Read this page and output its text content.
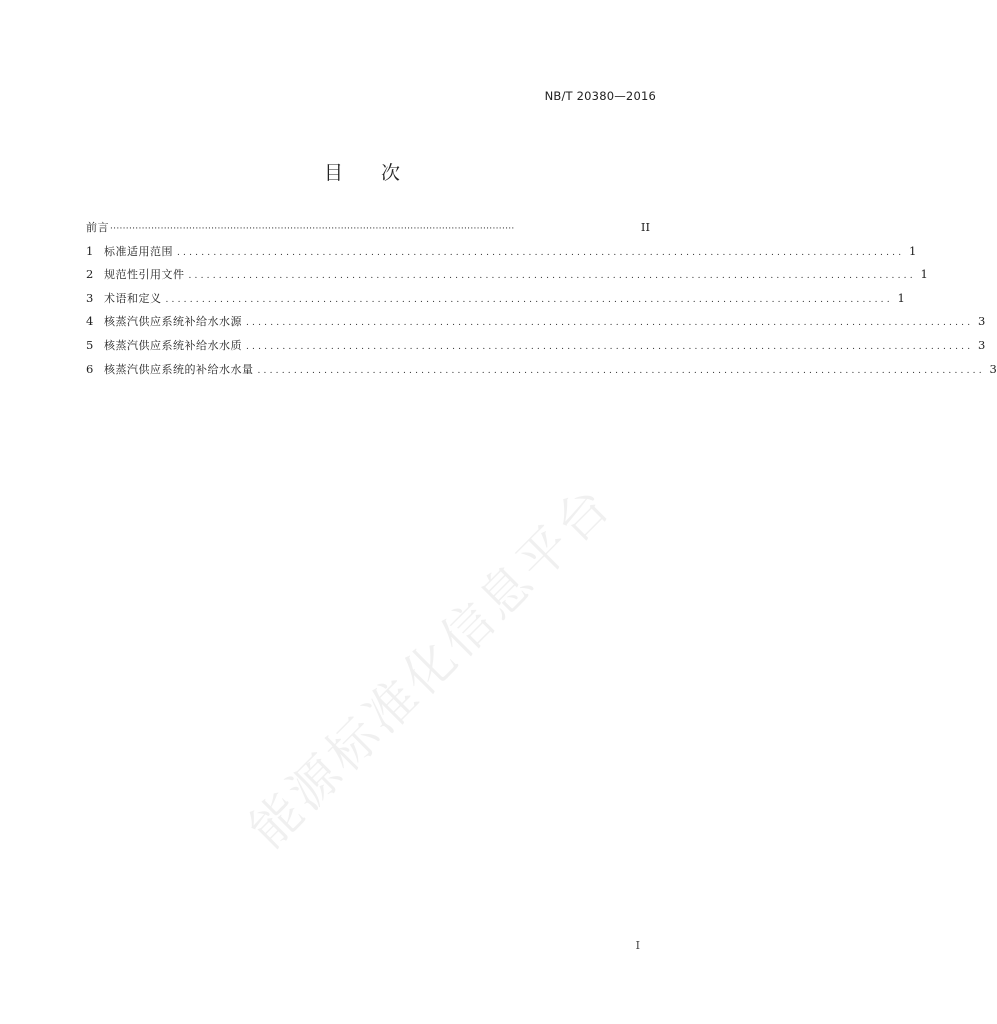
NB/T 20380—2016
目 次
前言 ································································································································	II
1 标准适用范围 ........................................................................................................................ 1
2 规范性引用文件 ........................................................................................................................ 1
3 术语和定义 ........................................................................................................................ 1
4 核蒸汽供应系统补给水水源 ........................................................................................................................ 3
5 核蒸汽供应系统补给水水质 ........................................................................................................................ 3
6 核蒸汽供应系统的补给水水量 ........................................................................................................................ 3
能源标准化信息平台
I
